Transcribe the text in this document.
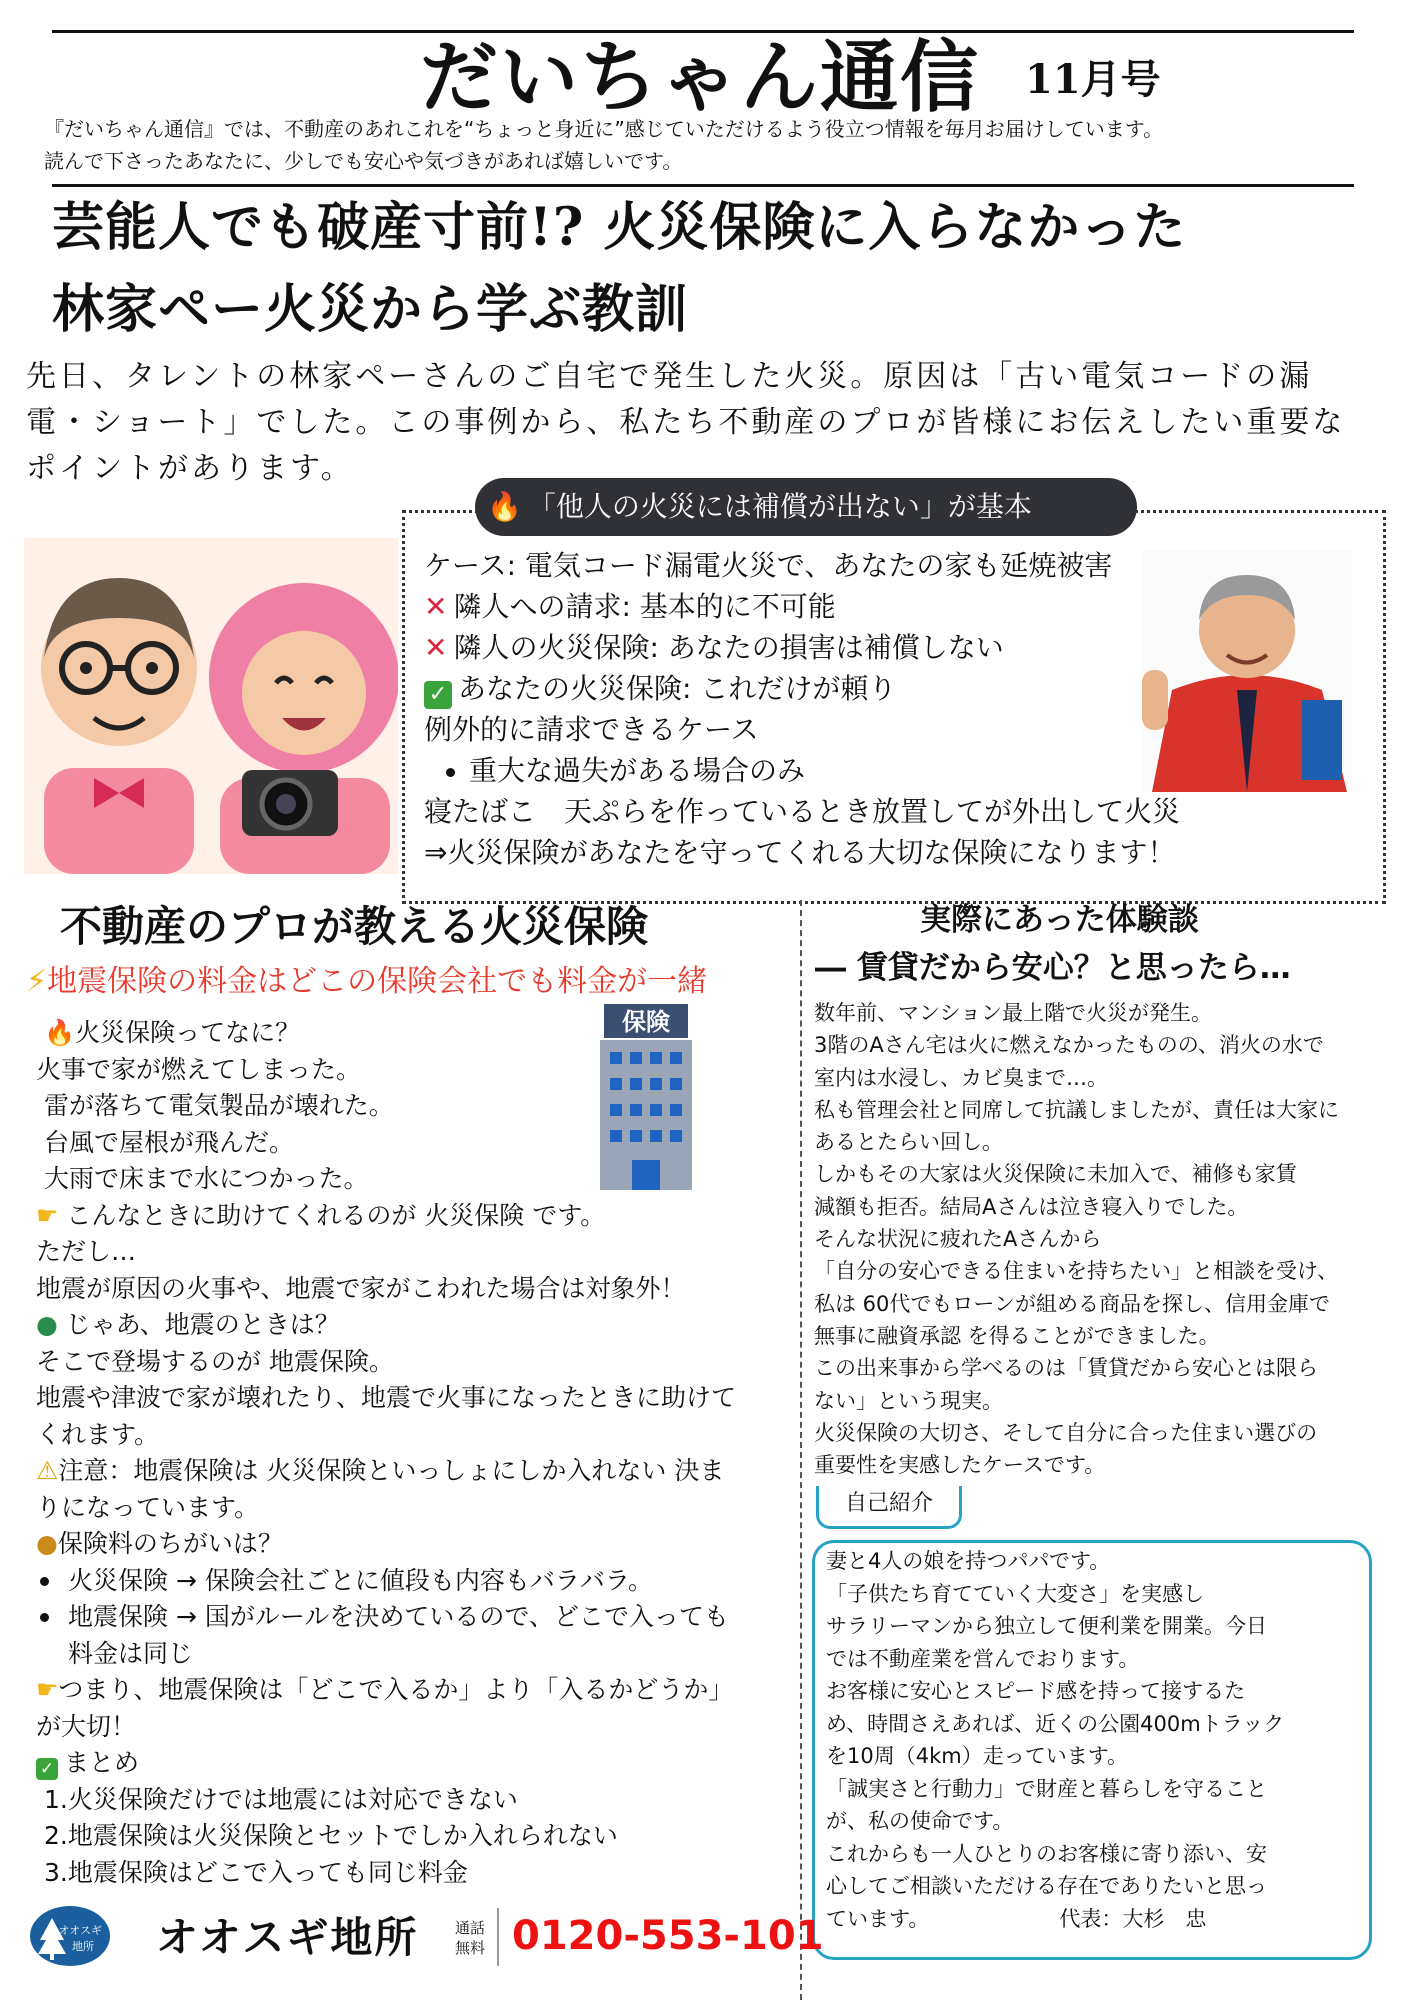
だいちゃん通信 11月号
『だいちゃん通信』では、不動産のあれこれを“ちょっと身近に”感じていただけるよう役立つ情報を毎月お届けしています。
読んで下さったあなたに、少しでも安心や気づきがあれば嬉しいです。
芸能人でも破産寸前!? 火災保険に入らなかった
林家ペー火災から学ぶ教訓

先日、タレントの林家ペーさんのご自宅で発生した火災。原因は「古い電気コードの漏

電・ショート」でした。この事例から、私たち不動産のプロが皆様にお伝えしたい重要な

ポイントがあります。

🔥 「他人の火災には補償が出ない」が基本
ケース: 電気コード漏電火災で、あなたの家も延焼被害
✕ 隣人への請求: 基本的に不可能
✕ 隣人の火災保険: あなたの損害は補償しない
✓ あなたの火災保険: これだけが頼り
例外的に請求できるケース
重大な過失がある場合のみ
寝たばこ　天ぷらを作っているとき放置してが外出して火災
⇒火災保険があなたを守ってくれる大切な保険になります！
不動産のプロが教える火災保険
⚡地震保険の料金はどこの保険会社でも料金が一緒
保険
🔥火災保険ってなに？
火事で家が燃えてしまった。
雷が落ちて電気製品が壊れた。
台風で屋根が飛んだ。
大雨で床まで水につかった。
☛ こんなときに助けてくれるのが 火災保険 です。
ただし…
地震が原因の火事や、地震で家がこわれた場合は対象外！
● じゃあ、地震のときは？
そこで登場するのが 地震保険。
地震や津波で家が壊れたり、地震で火事になったときに助けて
くれます。
⚠注意：地震保険は 火災保険といっしょにしか入れない 決ま
りになっています。
●保険料のちがいは？
火災保険 → 保険会社ごとに値段も内容もバラバラ。
地震保険 → 国がルールを決めているので、どこで入っても
料金は同じ
☛つまり、地震保険は「どこで入るか」より「入るかどうか」
が大切！
✓ まとめ
1.火災保険だけでは地震には対応できない
2.地震保険は火災保険とセットでしか入れられない
3.地震保険はどこで入っても同じ料金
実際にあった体験談
― 賃貸だから安心？と思ったら…
数年前、マンション最上階で火災が発生。
3階のAさん宅は火に燃えなかったものの、消火の水で
室内は水浸し、カビ臭まで…。
私も管理会社と同席して抗議しましたが、責任は大家に
あるとたらい回し。
しかもその大家は火災保険に未加入で、補修も家賃
減額も拒否。結局Aさんは泣き寝入りでした。
そんな状況に疲れたAさんから
「自分の安心できる住まいを持ちたい」と相談を受け、
私は 60代でもローンが組める商品を探し、信用金庫で
無事に融資承認 を得ることができました。
この出来事から学べるのは「賃貸だから安心とは限ら
ない」という現実。
火災保険の大切さ、そして自分に合った住まい選びの
重要性を実感したケースです。
自己紹介
妻と4人の娘を持つパパです。
「子供たち育てていく大変さ」を実感し
サラリーマンから独立して便利業を開業。今日
では不動産業を営んでおります。
お客様に安心とスピード感を持って接するた
め、時間さえあれば、近くの公園400mトラック
を10周（4km）走っています。
「誠実さと行動力」で財産と暮らしを守ること
が、私の使命です。
これからも一人ひとりのお客様に寄り添い、安
心してご相談いただける存在でありたいと思っ
ています。	代表：大杉　忠
オオスギ
地所 オオスギ地所 通話
無料 0120-553-101
